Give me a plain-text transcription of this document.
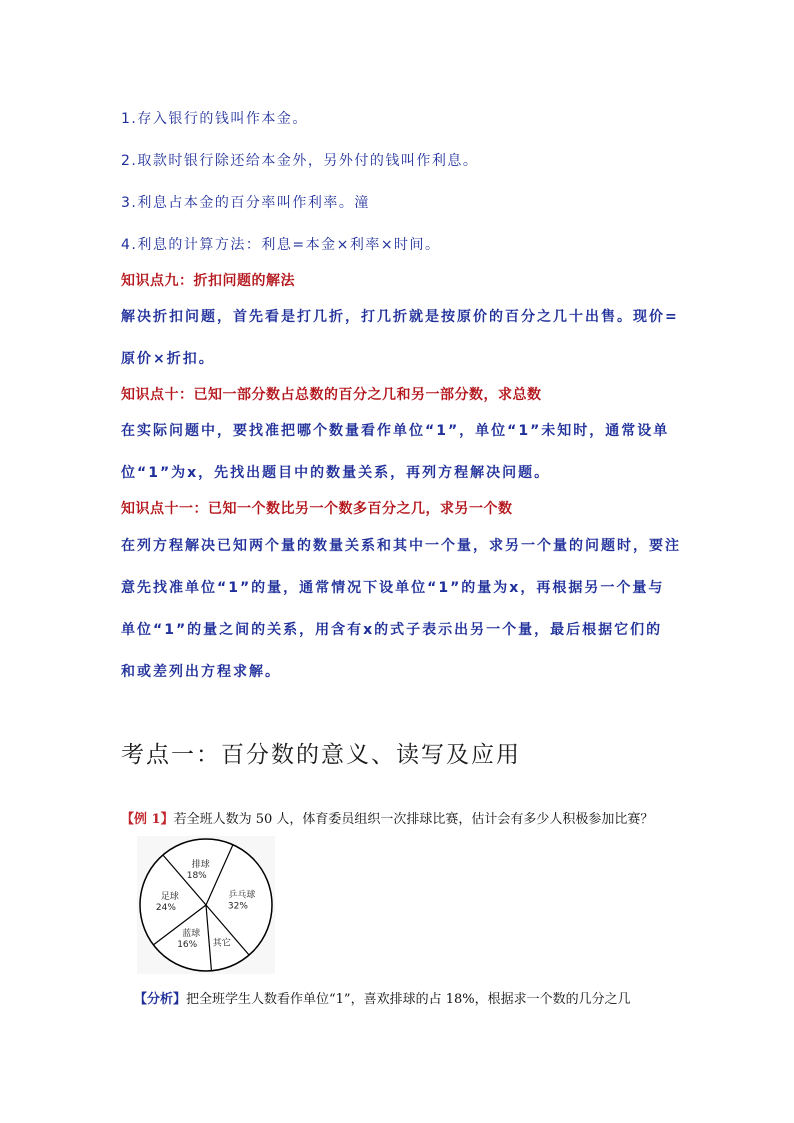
1.存入银行的钱叫作本金。
2.取款时银行除还给本金外，另外付的钱叫作利息。
3.利息占本金的百分率叫作利率。潼
4.利息的计算方法：利息=本金×利率×时间。
知识点九：折扣问题的解法
解决折扣问题，首先看是打几折，打几折就是按原价的百分之几十出售。现价=
原价×折扣。
知识点十：已知一部分数占总数的百分之几和另一部分数，求总数
在实际问题中，要找准把哪个数量看作单位“1”，单位“1”未知时，通常设单
位“1”为x，先找出题目中的数量关系，再列方程解决问题。
知识点十一：已知一个数比另一个数多百分之几，求另一个数
在列方程解决已知两个量的数量关系和其中一个量，求另一个量的问题时，要注
意先找准单位“1”的量，通常情况下设单位“1”的量为x，再根据另一个量与
单位“1”的量之间的关系，用含有x的式子表示出另一个量，最后根据它们的
和或差列出方程求解。
考点一：百分数的意义、读写及应用
【例 1】若全班人数为 50 人，体育委员组织一次排球比赛，估计会有多少人积极参加比赛？
乒乓球
32%
其它
蓝球
16%
足球
24%
排球
18%
【分析】把全班学生人数看作单位“1”，喜欢排球的占 18%，根据求一个数的几分之几
